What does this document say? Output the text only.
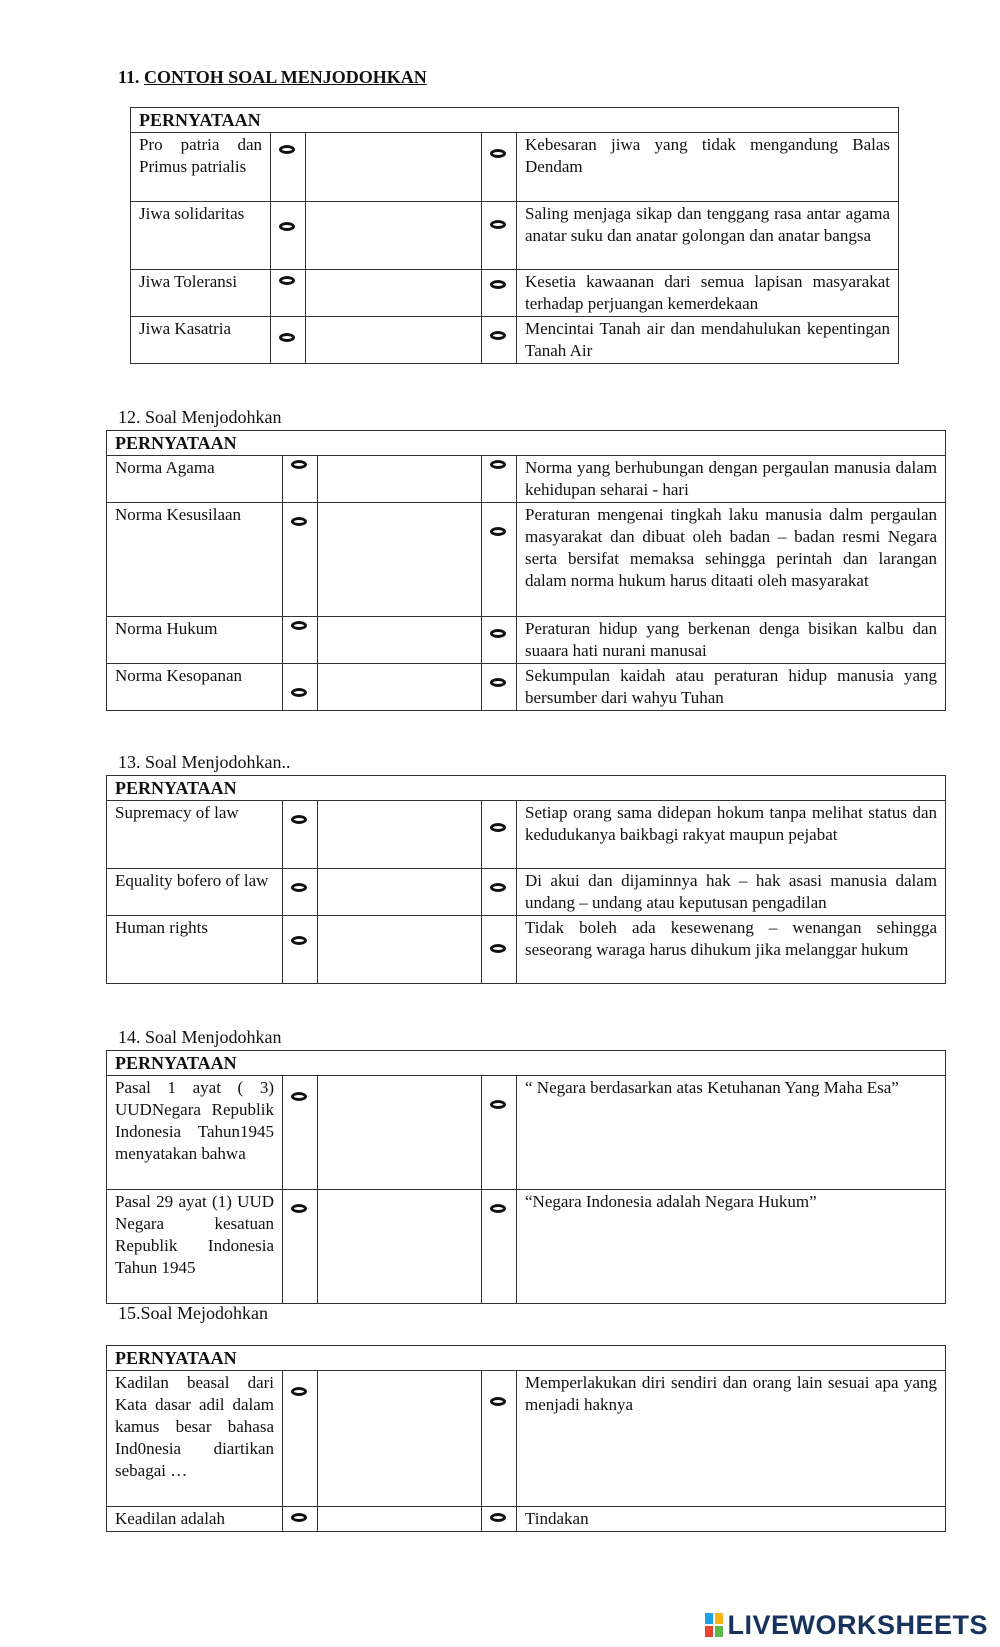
11. CONTOH SOAL MENJODOHKAN
PERNYATAAN				
Pro patria dan Primus patrialis				Kebesaran jiwa yang tidak mengandung Balas Dendam
Jiwa solidaritas				Saling menjaga sikap dan tenggang rasa antar agama anatar suku dan anatar golongan dan anatar bangsa
Jiwa Toleransi				Kesetia kawaanan dari semua lapisan masyarakat terhadap perjuangan kemerdekaan
Jiwa Kasatria				Mencintai Tanah air dan mendahulukan kepentingan Tanah Air
12. Soal Menjodohkan
PERNYATAAN				
Norma Agama				Norma yang berhubungan dengan pergaulan manusia dalam kehidupan seharai - hari
Norma Kesusilaan				Peraturan mengenai tingkah laku manusia dalm pergaulan masyarakat dan dibuat oleh badan – badan resmi Negara serta bersifat memaksa sehingga perintah dan larangan dalam norma hukum harus ditaati oleh masyarakat
Norma Hukum				Peraturan hidup yang berkenan denga bisikan kalbu dan suaara hati nurani manusai
Norma Kesopanan				Sekumpulan kaidah atau peraturan hidup manusia yang bersumber dari wahyu Tuhan
13. Soal Menjodohkan..
PERNYATAAN				
Supremacy of law				Setiap orang sama didepan hokum tanpa melihat status dan kedudukanya baikbagi rakyat maupun pejabat
Equality bofero of law				Di akui dan dijaminnya hak – hak asasi manusia dalam undang – undang atau keputusan pengadilan
Human rights				Tidak boleh ada kesewenang – wenangan sehingga seseorang waraga harus dihukum jika melanggar hukum
14. Soal Menjodohkan
PERNYATAAN				
Pasal 1 ayat ( 3) UUDNegara Republik Indonesia Tahun1945 menyatakan bahwa				“ Negara berdasarkan atas Ketuhanan Yang Maha Esa”
Pasal 29 ayat (1) UUD Negara kesatuan Republik Indonesia Tahun 1945				“Negara Indonesia adalah Negara Hukum”
15.Soal Mejodohkan
PERNYATAAN				
Kadilan beasal dari Kata dasar adil dalam kamus besar bahasa Ind0nesia diartikan sebagai …				Memperlakukan diri sendiri dan orang lain sesuai apa yang menjadi haknya
Keadilan adalah				Tindakan
LIVEWORKSHEETS
